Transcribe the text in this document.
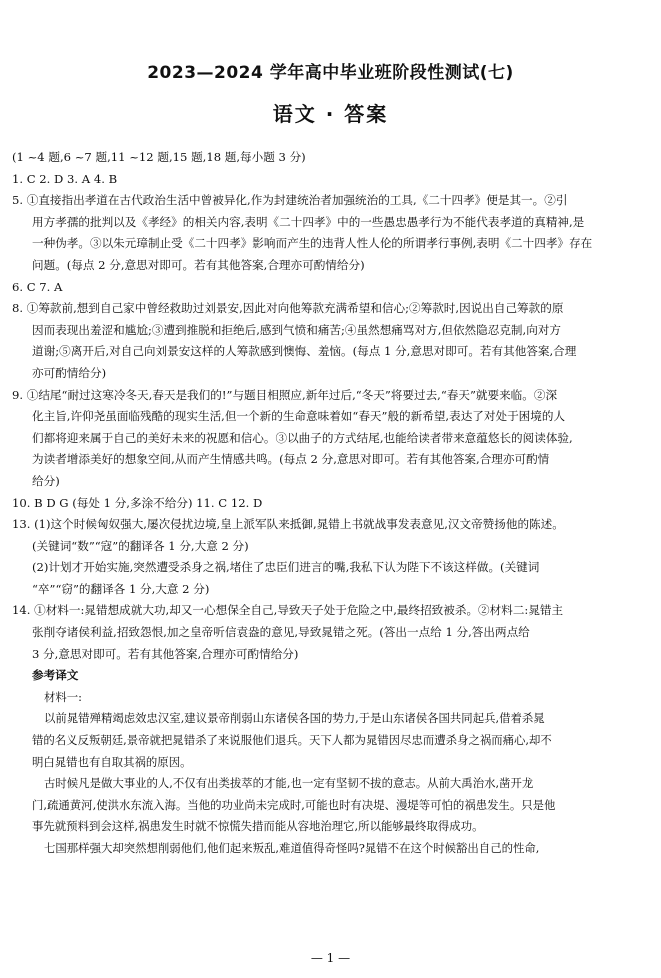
2023—2024 学年高中毕业班阶段性测试(七)
语文 · 答案
(1 ~4 题,6 ~7 题,11 ~12 题,15 题,18 题,每小题 3 分)
1. C 2. D 3. A 4. B
5. ①直接指出孝道在古代政治生活中曾被异化,作为封建统治者加强统治的工具,《二十四孝》便是其一。②引
用方孝孺的批判以及《孝经》的相关内容,表明《二十四孝》中的一些愚忠愚孝行为不能代表孝道的真精神,是
一种伪孝。③以朱元璋制止受《二十四孝》影响而产生的违背人性人伦的所谓孝行事例,表明《二十四孝》存在
问题。(每点 2 分,意思对即可。若有其他答案,合理亦可酌情给分)
6. C 7. A
8. ①筹款前,想到自己家中曾经救助过刘景安,因此对向他筹款充满希望和信心;②筹款时,因说出自己筹款的原
因而表现出羞涩和尴尬;③遭到推脱和拒绝后,感到气愤和痛苦;④虽然想痛骂对方,但依然隐忍克制,向对方
道谢;⑤离开后,对自己向刘景安这样的人筹款感到懊悔、羞恼。(每点 1 分,意思对即可。若有其他答案,合理
亦可酌情给分)
9. ①结尾“耐过这寒冷冬天,春天是我们的!”与题目相照应,新年过后,“冬天”将要过去,“春天”就要来临。②深
化主旨,许仰尧虽面临残酷的现实生活,但一个新的生命意味着如“春天”般的新希望,表达了对处于困境的人
们都将迎来属于自己的美好未来的祝愿和信心。③以曲子的方式结尾,也能给读者带来意蕴悠长的阅读体验,
为读者增添美好的想象空间,从而产生情感共鸣。(每点 2 分,意思对即可。若有其他答案,合理亦可酌情
给分)
10. B D G (每处 1 分,多涂不给分) 11. C 12. D
13. (1)这个时候匈奴强大,屡次侵扰边境,皇上派军队来抵御,晁错上书就战事发表意见,汉文帝赞扬他的陈述。
(关键词“数”“寇”的翻译各 1 分,大意 2 分)
(2)计划才开始实施,突然遭受杀身之祸,堵住了忠臣们进言的嘴,我私下认为陛下不该这样做。(关键词
“卒”“窃”的翻译各 1 分,大意 2 分)
14. ①材料一:晁错想成就大功,却又一心想保全自己,导致天子处于危险之中,最终招致被杀。②材料二:晁错主
张削夺诸侯利益,招致怨恨,加之皇帝听信袁盎的意见,导致晁错之死。(答出一点给 1 分,答出两点给
3 分,意思对即可。若有其他答案,合理亦可酌情给分)
参考译文
材料一:
以前晁错殚精竭虑效忠汉室,建议景帝削弱山东诸侯各国的势力,于是山东诸侯各国共同起兵,借着杀晁
错的名义反叛朝廷,景帝就把晁错杀了来说服他们退兵。天下人都为晁错因尽忠而遭杀身之祸而痛心,却不
明白晁错也有自取其祸的原因。
古时候凡是做大事业的人,不仅有出类拔萃的才能,也一定有坚韧不拔的意志。从前大禹治水,凿开龙
门,疏通黄河,使洪水东流入海。当他的功业尚未完成时,可能也时有决堤、漫堤等可怕的祸患发生。只是他
事先就预料到会这样,祸患发生时就不惊慌失措而能从容地治理它,所以能够最终取得成功。
七国那样强大却突然想削弱他们,他们起来叛乱,难道值得奇怪吗?晁错不在这个时候豁出自己的性命,
— 1 —
